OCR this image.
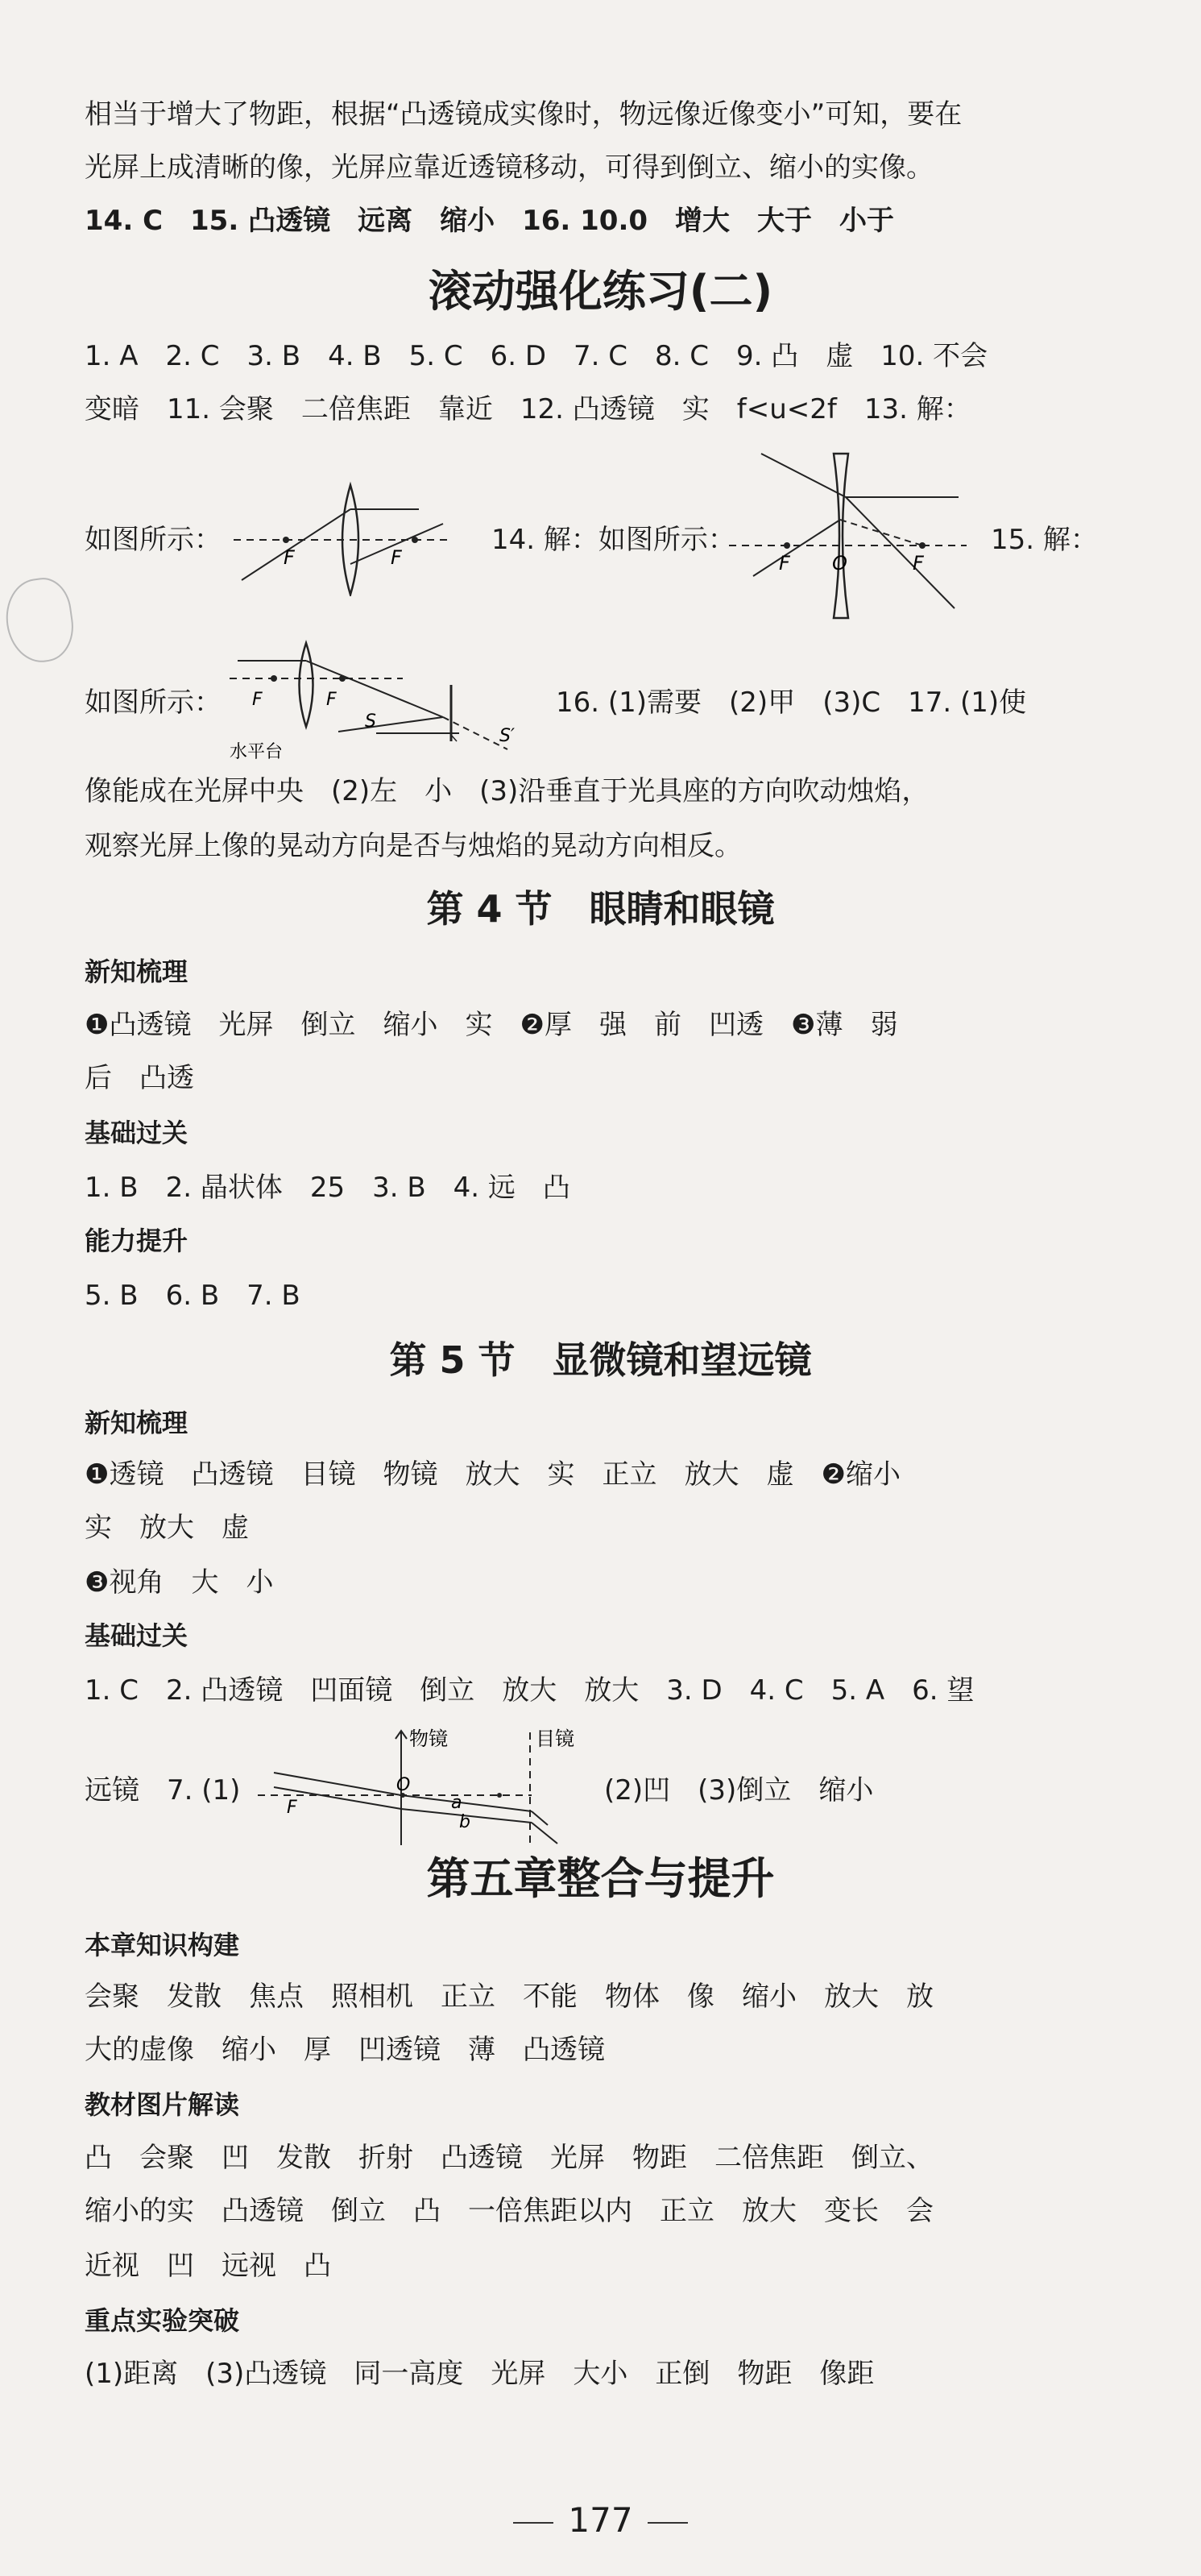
相当于增大了物距，根据“凸透镜成实像时，物远像近像变小”可知，要在
光屏上成清晰的像，光屏应靠近透镜移动，可得到倒立、缩小的实像。
14. C　15. 凸透镜　远离　缩小　16. 10.0　增大　大于　小于
滚动强化练习(二)
1. A　2. C　3. B　4. B　5. C　6. D　7. C　8. C　9. 凸　虚　10. 不会
变暗　11. 会聚　二倍焦距　靠近　12. 凸透镜　实　f<u<2f　13. 解：
如图所示：
F	F
14. 解：如图所示：
F O	F
15. 解：
如图所示： F	F
S
S′
水平台
16. (1)需要　(2)甲　(3)C　17. (1)使
像能成在光屏中央　(2)左　小　(3)沿垂直于光具座的方向吹动烛焰，
观察光屏上像的晃动方向是否与烛焰的晃动方向相反。
第 4 节　眼睛和眼镜
新知梳理
❶凸透镜　光屏　倒立　缩小　实　❷厚　强　前　凹透　❸薄　弱
后　凸透
基础过关
1. B　2. 晶状体　25　3. B　4. 远　凸
能力提升
5. B　6. B　7. B
第 5 节　显微镜和望远镜
新知梳理
❶透镜　凸透镜　目镜　物镜　放大　实　正立　放大　虚　❷缩小
实　放大　虚
❸视角　大　小
基础过关
1. C　2. 凸透镜　凹面镜　倒立　放大　放大　3. D　4. C　5. A　6. 望
远镜　7. (1)
物镜	目镜
O
F	a
b
(2)凹　(3)倒立　缩小
第五章整合与提升
本章知识构建
会聚　发散　焦点　照相机　正立　不能　物体　像　缩小　放大　放
大的虚像　缩小　厚　凹透镜　薄　凸透镜
教材图片解读
凸　会聚　凹　发散　折射　凸透镜　光屏　物距　二倍焦距　倒立、
缩小的实　凸透镜　倒立　凸　一倍焦距以内　正立　放大　变长　会
近视　凹　远视　凸
重点实验突破
(1)距离　(3)凸透镜　同一高度　光屏　大小　正倒　物距　像距
177
